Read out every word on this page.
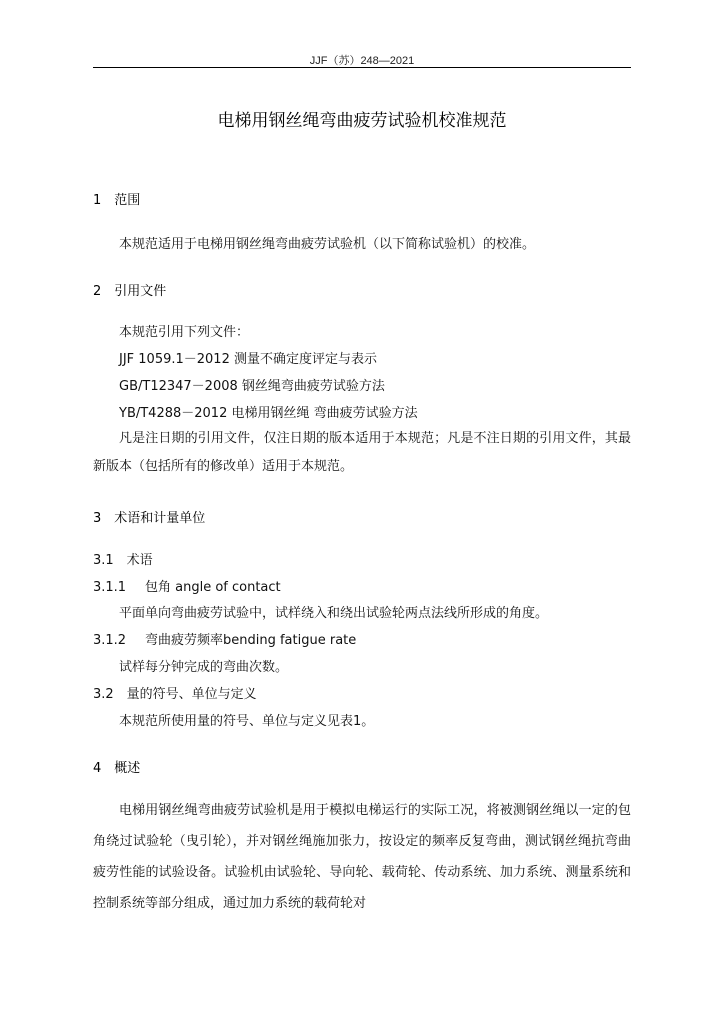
JJF（苏）248—2021
电梯用钢丝绳弯曲疲劳试验机校准规范
1　范围
本规范适用于电梯用钢丝绳弯曲疲劳试验机（以下简称试验机）的校准。
2　引用文件
本规范引用下列文件：
JJF 1059.1－2012 测量不确定度评定与表示
GB/T12347－2008 钢丝绳弯曲疲劳试验方法
YB/T4288－2012 电梯用钢丝绳 弯曲疲劳试验方法
凡是注日期的引用文件，仅注日期的版本适用于本规范；凡是不注日期的引用文件，其最新版本（包括所有的修改单）适用于本规范。
3　术语和计量单位
3.1　术语
3.1.1 包角 angle of contact
平面单向弯曲疲劳试验中，试样绕入和绕出试验轮两点法线所形成的角度。
3.1.2 弯曲疲劳频率bending fatigue rate
试样每分钟完成的弯曲次数。
3.2　量的符号、单位与定义
本规范所使用量的符号、单位与定义见表1。
4　概述
电梯用钢丝绳弯曲疲劳试验机是用于模拟电梯运行的实际工况，将被测钢丝绳以一定的包角绕过试验轮（曳引轮），并对钢丝绳施加张力，按设定的频率反复弯曲，测试钢丝绳抗弯曲疲劳性能的试验设备。试验机由试验轮、导向轮、载荷轮、传动系统、加力系统、测量系统和控制系统等部分组成，通过加力系统的载荷轮对
